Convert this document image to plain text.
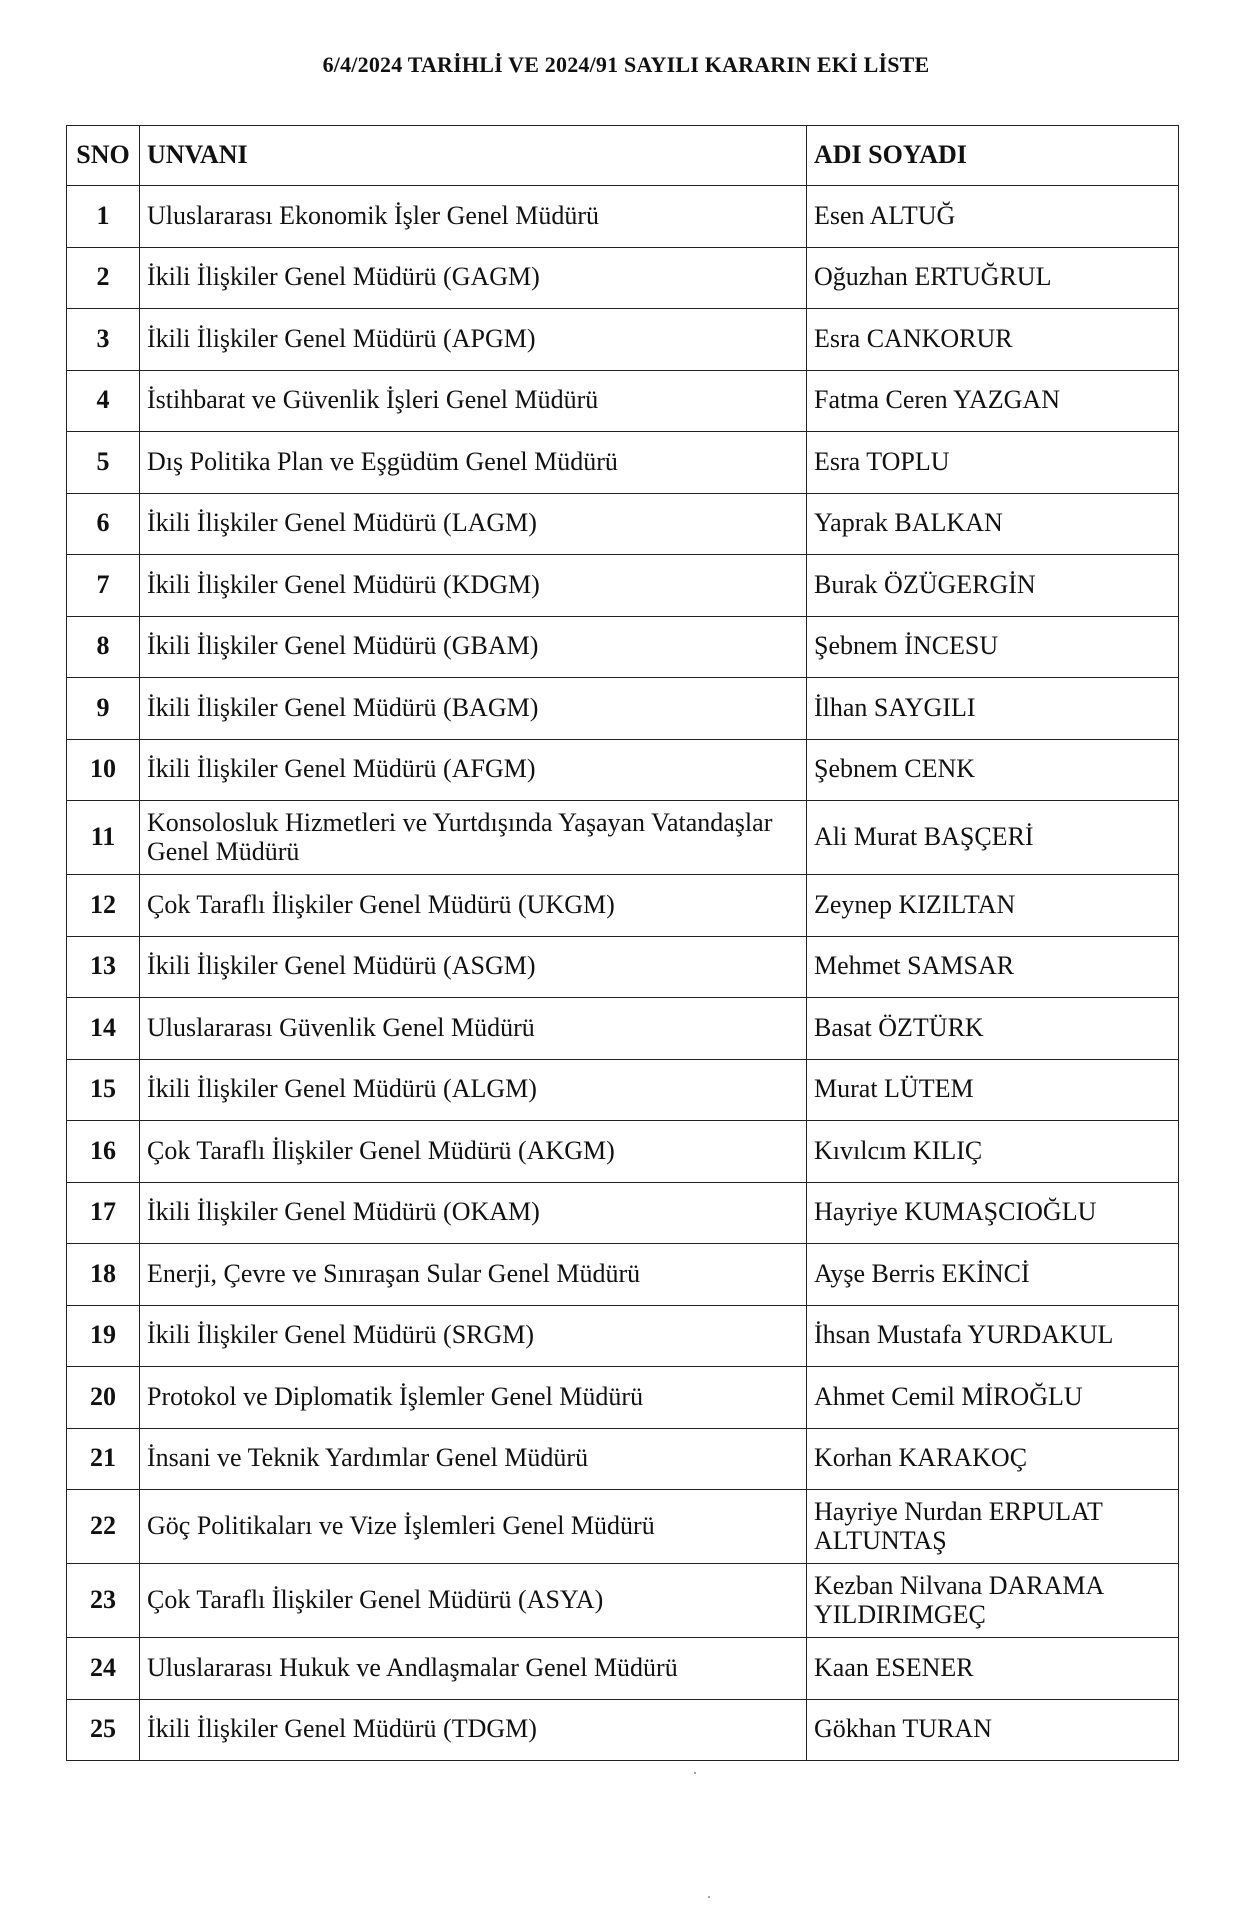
6/4/2024 TARİHLİ VE 2024/91 SAYILI KARARIN EKİ LİSTE
SNO	UNVANI	ADI SOYADI
1	Uluslararası Ekonomik İşler Genel Müdürü	Esen ALTUĞ
2	İkili İlişkiler Genel Müdürü (GAGM)	Oğuzhan ERTUĞRUL
3	İkili İlişkiler Genel Müdürü (APGM)	Esra CANKORUR
4	İstihbarat ve Güvenlik İşleri Genel Müdürü	Fatma Ceren YAZGAN
5	Dış Politika Plan ve Eşgüdüm Genel Müdürü	Esra TOPLU
6	İkili İlişkiler Genel Müdürü (LAGM)	Yaprak BALKAN
7	İkili İlişkiler Genel Müdürü (KDGM)	Burak ÖZÜGERGİN
8	İkili İlişkiler Genel Müdürü (GBAM)	Şebnem İNCESU
9	İkili İlişkiler Genel Müdürü (BAGM)	İlhan SAYGILI
10	İkili İlişkiler Genel Müdürü (AFGM)	Şebnem CENK
11	Konsolosluk Hizmetleri ve Yurtdışında Yaşayan Vatandaşlar Genel Müdürü	Ali Murat BAŞÇERİ
12	Çok Taraflı İlişkiler Genel Müdürü (UKGM)	Zeynep KIZILTAN
13	İkili İlişkiler Genel Müdürü (ASGM)	Mehmet SAMSAR
14	Uluslararası Güvenlik Genel Müdürü	Basat ÖZTÜRK
15	İkili İlişkiler Genel Müdürü (ALGM)	Murat LÜTEM
16	Çok Taraflı İlişkiler Genel Müdürü (AKGM)	Kıvılcım KILIÇ
17	İkili İlişkiler Genel Müdürü (OKAM)	Hayriye KUMAŞCIOĞLU
18	Enerji, Çevre ve Sınıraşan Sular Genel Müdürü	Ayşe Berris EKİNCİ
19	İkili İlişkiler Genel Müdürü (SRGM)	İhsan Mustafa YURDAKUL
20	Protokol ve Diplomatik İşlemler Genel Müdürü	Ahmet Cemil MİROĞLU
21	İnsani ve Teknik Yardımlar Genel Müdürü	Korhan KARAKOÇ
22	Göç Politikaları ve Vize İşlemleri Genel Müdürü	Hayriye Nurdan ERPULAT ALTUNTAŞ
23	Çok Taraflı İlişkiler Genel Müdürü (ASYA)	Kezban Nilvana DARAMA YILDIRIMGEÇ
24	Uluslararası Hukuk ve Andlaşmalar Genel Müdürü	Kaan ESENER
25	İkili İlişkiler Genel Müdürü (TDGM)	Gökhan TURAN
